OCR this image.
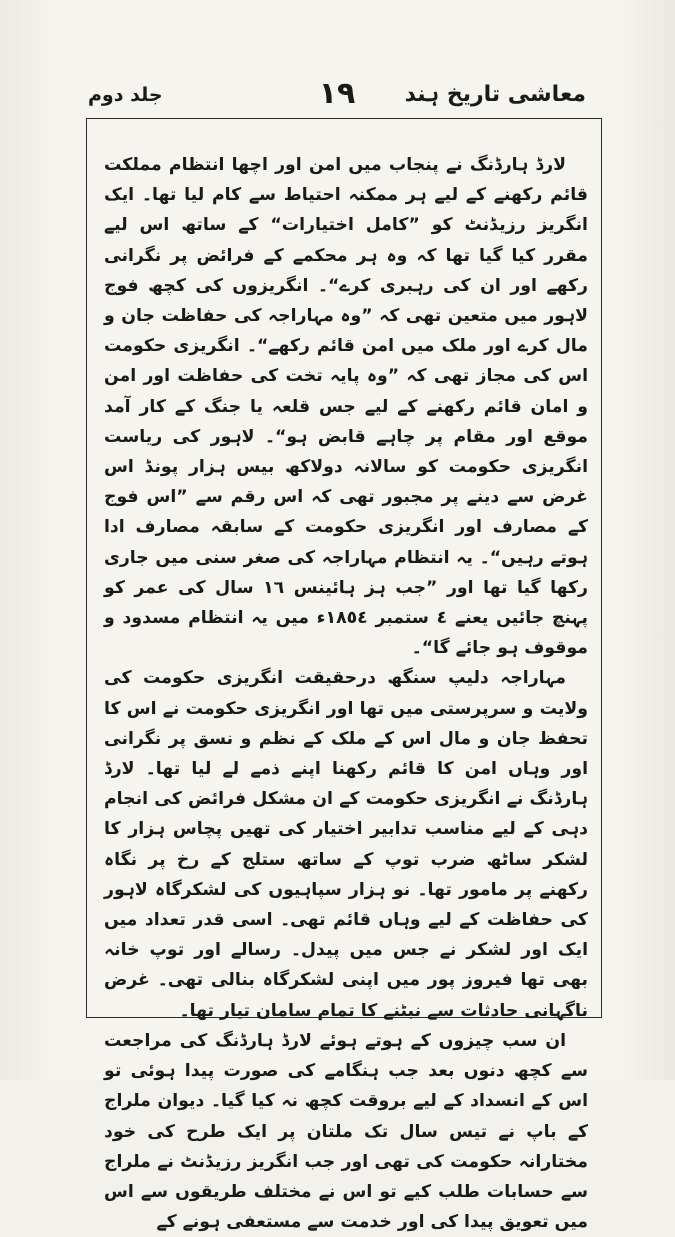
معاشی تاریخ ہند
١٩
جلد دوم

لارڈ ہارڈنگ نے پنجاب میں امن اور اچھا انتظام مملکت قائم رکھنے کے لیے ہر ممکنہ احتیاط سے کام لیا تھا۔ ایک انگریز رزیڈنٹ کو ”کامل اختیارات“ کے ساتھ اس لیے مقرر کیا گیا تھا کہ وہ ہر محکمے کے فرائض پر نگرانی رکھے اور ان کی رہبری کرے“۔ انگریزوں کی کچھ فوج لاہور میں متعین تھی کہ ”وہ مہاراجہ کی حفاظت جان و مال کرے اور ملک میں امن قائم رکھے“۔ انگریزی حکومت اس کی مجاز تھی کہ ”وہ پایہ تخت کی حفاظت اور امن و امان قائم رکھنے کے لیے جس قلعہ یا جنگ کے کار آمد موقع اور مقام پر چاہے قابض ہو“۔ لاہور کی ریاست انگریزی حکومت کو سالانہ دولاکھ بیس ہزار پونڈ اس غرض سے دینے پر مجبور تھی کہ اس رقم سے ”اس فوج کے مصارف اور انگریزی حکومت کے سابقہ مصارف ادا ہوتے رہیں“۔ یہ انتظام مہاراجہ کی صغر سنی میں جاری رکھا گیا تھا اور ”جب ہز ہائینس ١٦ سال کی عمر کو پہنچ جائیں یعنے ٤ ستمبر ١٨٥٤ء میں یہ انتظام مسدود و موقوف ہو جائے گا“۔

مہاراجہ دلیپ سنگھ درحقیقت انگریزی حکومت کی ولایت و سرپرستی میں تھا اور انگریزی حکومت نے اس کا تحفظ جان و مال اس کے ملک کے نظم و نسق پر نگرانی اور وہاں امن کا قائم رکھنا اپنے ذمے لے لیا تھا۔ لارڈ ہارڈنگ نے انگریزی حکومت کے ان مشکل فرائض کی انجام دہی کے لیے مناسب تدابیر اختیار کی تھیں پچاس ہزار کا لشکر ساٹھ ضرب توپ کے ساتھ ستلج کے رخ پر نگاہ رکھنے پر مامور تھا۔ نو ہزار سپاہیوں کی لشکرگاہ لاہور کی حفاظت کے لیے وہاں قائم تھی۔ اسی قدر تعداد میں ایک اور لشکر نے جس میں پیدل۔ رسالے اور توپ خانہ بھی تھا فیروز پور میں اپنی لشکرگاہ بنالی تھی۔ غرض ناگہانی حادثات سے نبٹنے کا تمام سامان تیار تھا۔

ان سب چیزوں کے ہوتے ہوئے لارڈ ہارڈنگ کی مراجعت سے کچھ دنوں بعد جب ہنگامے کی صورت پیدا ہوئی تو اس کے انسداد کے لیے بروقت کچھ نہ کیا گیا۔ دیوان ملراج کے باپ نے تیس سال تک ملتان پر ایک طرح کی خود مختارانہ حکومت کی تھی اور جب انگریز رزیڈنٹ نے ملراج سے حسابات طلب کیے تو اس نے مختلف طریقوں سے اس میں تعویق پیدا کی اور خدمت سے مستعفی ہونے کے
